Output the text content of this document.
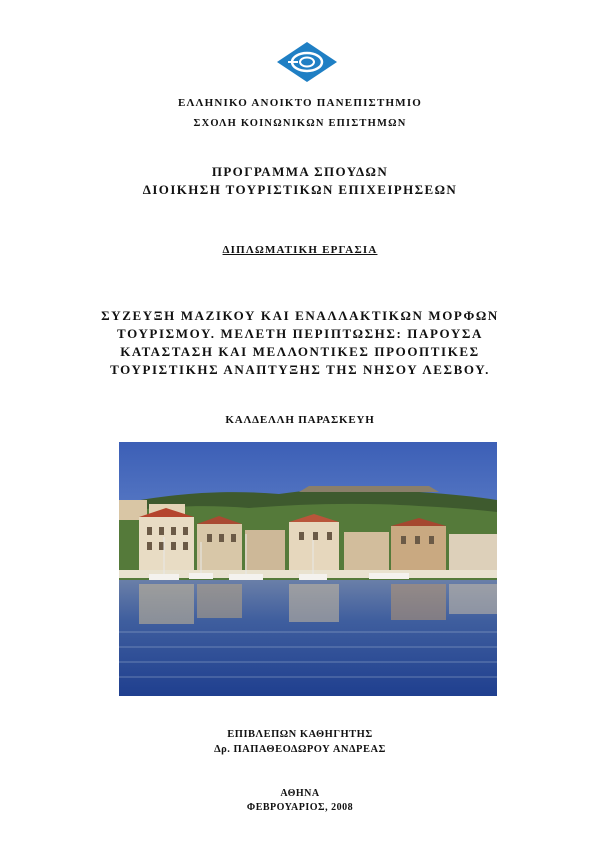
ΕΛΛΗΝΙΚΟ ΑΝΟΙΚΤΟ ΠΑΝΕΠΙΣΤΗΜΙΟ
ΣΧΟΛΗ ΚΟΙΝΩΝΙΚΩΝ ΕΠΙΣΤΗΜΩΝ
ΠΡΟΓΡΑΜΜΑ ΣΠΟΥΔΩΝ
ΔΙΟΙΚΗΣΗ ΤΟΥΡΙΣΤΙΚΩΝ ΕΠΙΧΕΙΡΗΣΕΩΝ
ΔΙΠΛΩΜΑΤΙΚΗ ΕΡΓΑΣΙΑ
ΣΥΖΕΥΞΗ ΜΑΖΙΚΟΥ ΚΑΙ ΕΝΑΛΛΑΚΤΙΚΩΝ ΜΟΡΦΩΝ
ΤΟΥΡΙΣΜΟΥ. ΜΕΛΕΤΗ ΠΕΡΙΠΤΩΣΗΣ: ΠΑΡΟΥΣΑ
ΚΑΤΑΣΤΑΣΗ ΚΑΙ ΜΕΛΛΟΝΤΙΚΕΣ ΠΡΟΟΠΤΙΚΕΣ
ΤΟΥΡΙΣΤΙΚΗΣ ΑΝΑΠΤΥΞΗΣ ΤΗΣ ΝΗΣΟΥ ΛΕΣΒΟΥ.
ΚΑΛΔΕΛΛΗ ΠΑΡΑΣΚΕΥΗ
ΕΠΙΒΛΕΠΩΝ ΚΑΘΗΓΗΤΗΣ
Δρ. ΠΑΠΑΘΕΟΔΩΡΟΥ ΑΝΔΡΕΑΣ
ΑΘΗΝΑ
ΦΕΒΡΟΥΑΡΙΟΣ, 2008
